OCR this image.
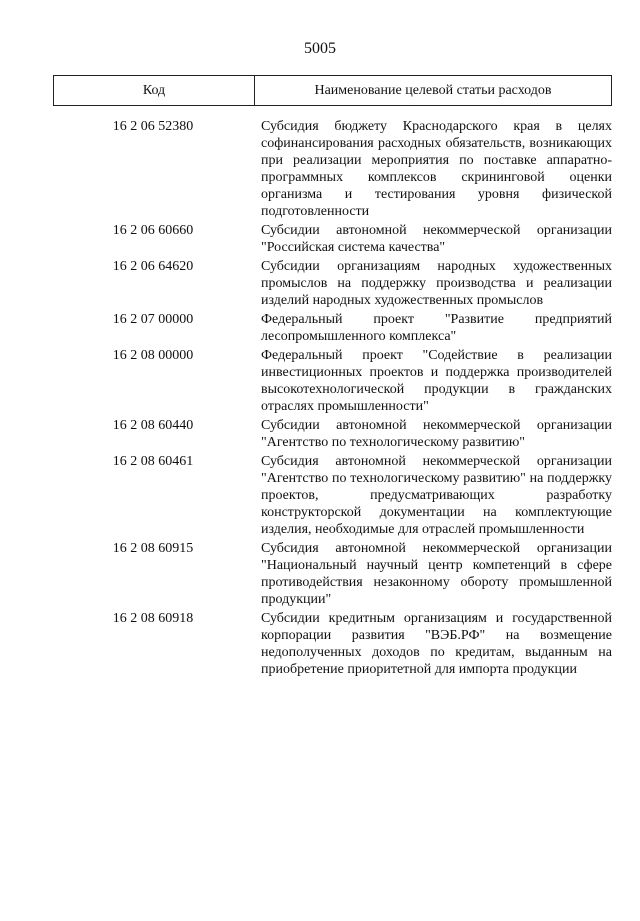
5005
Код	Наименование целевой статьи расходов
16 2 06 52380	Субсидия бюджету Краснодарского края в целях софинансирования расходных обязательств, возникающих при реализации мероприятия по поставке аппаратно-программных комплексов скрининговой оценки организма и тестирования уровня физической подготовленности
16 2 06 60660	Субсидии автономной некоммерческой организации "Российская система качества"
16 2 06 64620	Субсидии организациям народных художественных промыслов на поддержку производства и реализации изделий народных художественных промыслов
16 2 07 00000	Федеральный проект "Развитие предприятий лесопромышленного комплекса"
16 2 08 00000	Федеральный проект "Содействие в реализации инвестиционных проектов и поддержка производителей высокотехнологической продукции в гражданских отраслях промышленности"
16 2 08 60440	Субсидии автономной некоммерческой организации "Агентство по технологическому развитию"
16 2 08 60461	Субсидия автономной некоммерческой организации "Агентство по технологическому развитию" на поддержку проектов, предусматривающих разработку конструкторской документации на комплектующие изделия, необходимые для отраслей промышленности
16 2 08 60915	Субсидия автономной некоммерческой организации "Национальный научный центр компетенций в сфере противодействия незаконному обороту промышленной продукции"
16 2 08 60918	Субсидии кредитным организациям и государственной корпорации развития "ВЭБ.РФ" на возмещение недополученных доходов по кредитам, выданным на приобретение приоритетной для импорта продукции
